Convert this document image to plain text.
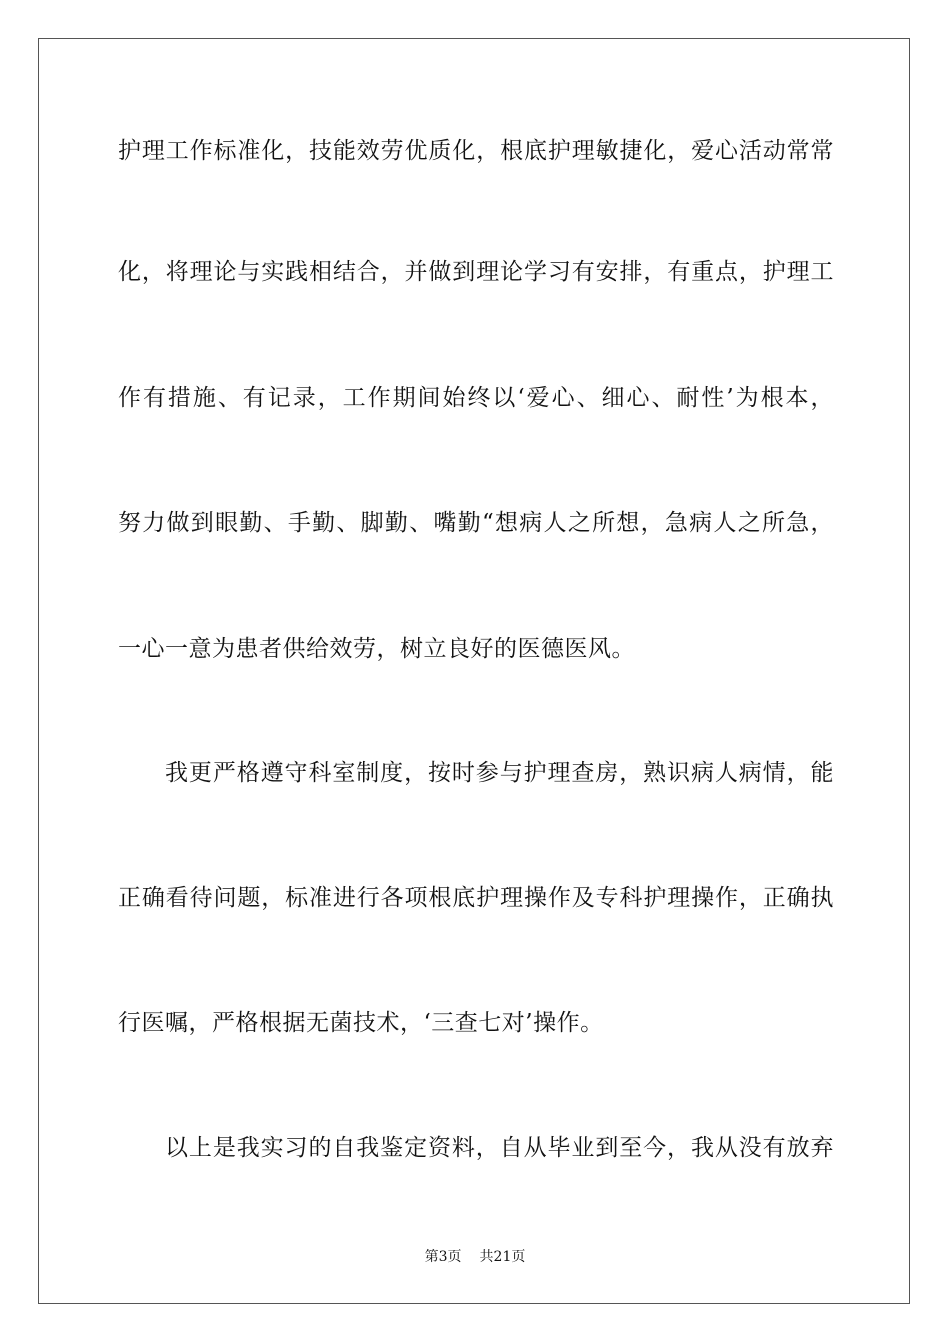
护理工作标准化，技能效劳优质化，根底护理敏捷化，爱心活动常常
化，将理论与实践相结合，并做到理论学习有安排，有重点，护理工
作有措施、有记录，工作期间始终以‘爱心、细心、耐性’为根本，
努力做到眼勤、手勤、脚勤、嘴勤“想病人之所想，急病人之所急，
一心一意为患者供给效劳，树立良好的医德医风。
我更严格遵守科室制度，按时参与护理查房，熟识病人病情，能
正确看待问题，标准进行各项根底护理操作及专科护理操作，正确执
行医嘱，严格根据无菌技术，‘三查七对’操作。
以上是我实习的自我鉴定资料，自从毕业到至今，我从没有放弃
第3页 共21页
